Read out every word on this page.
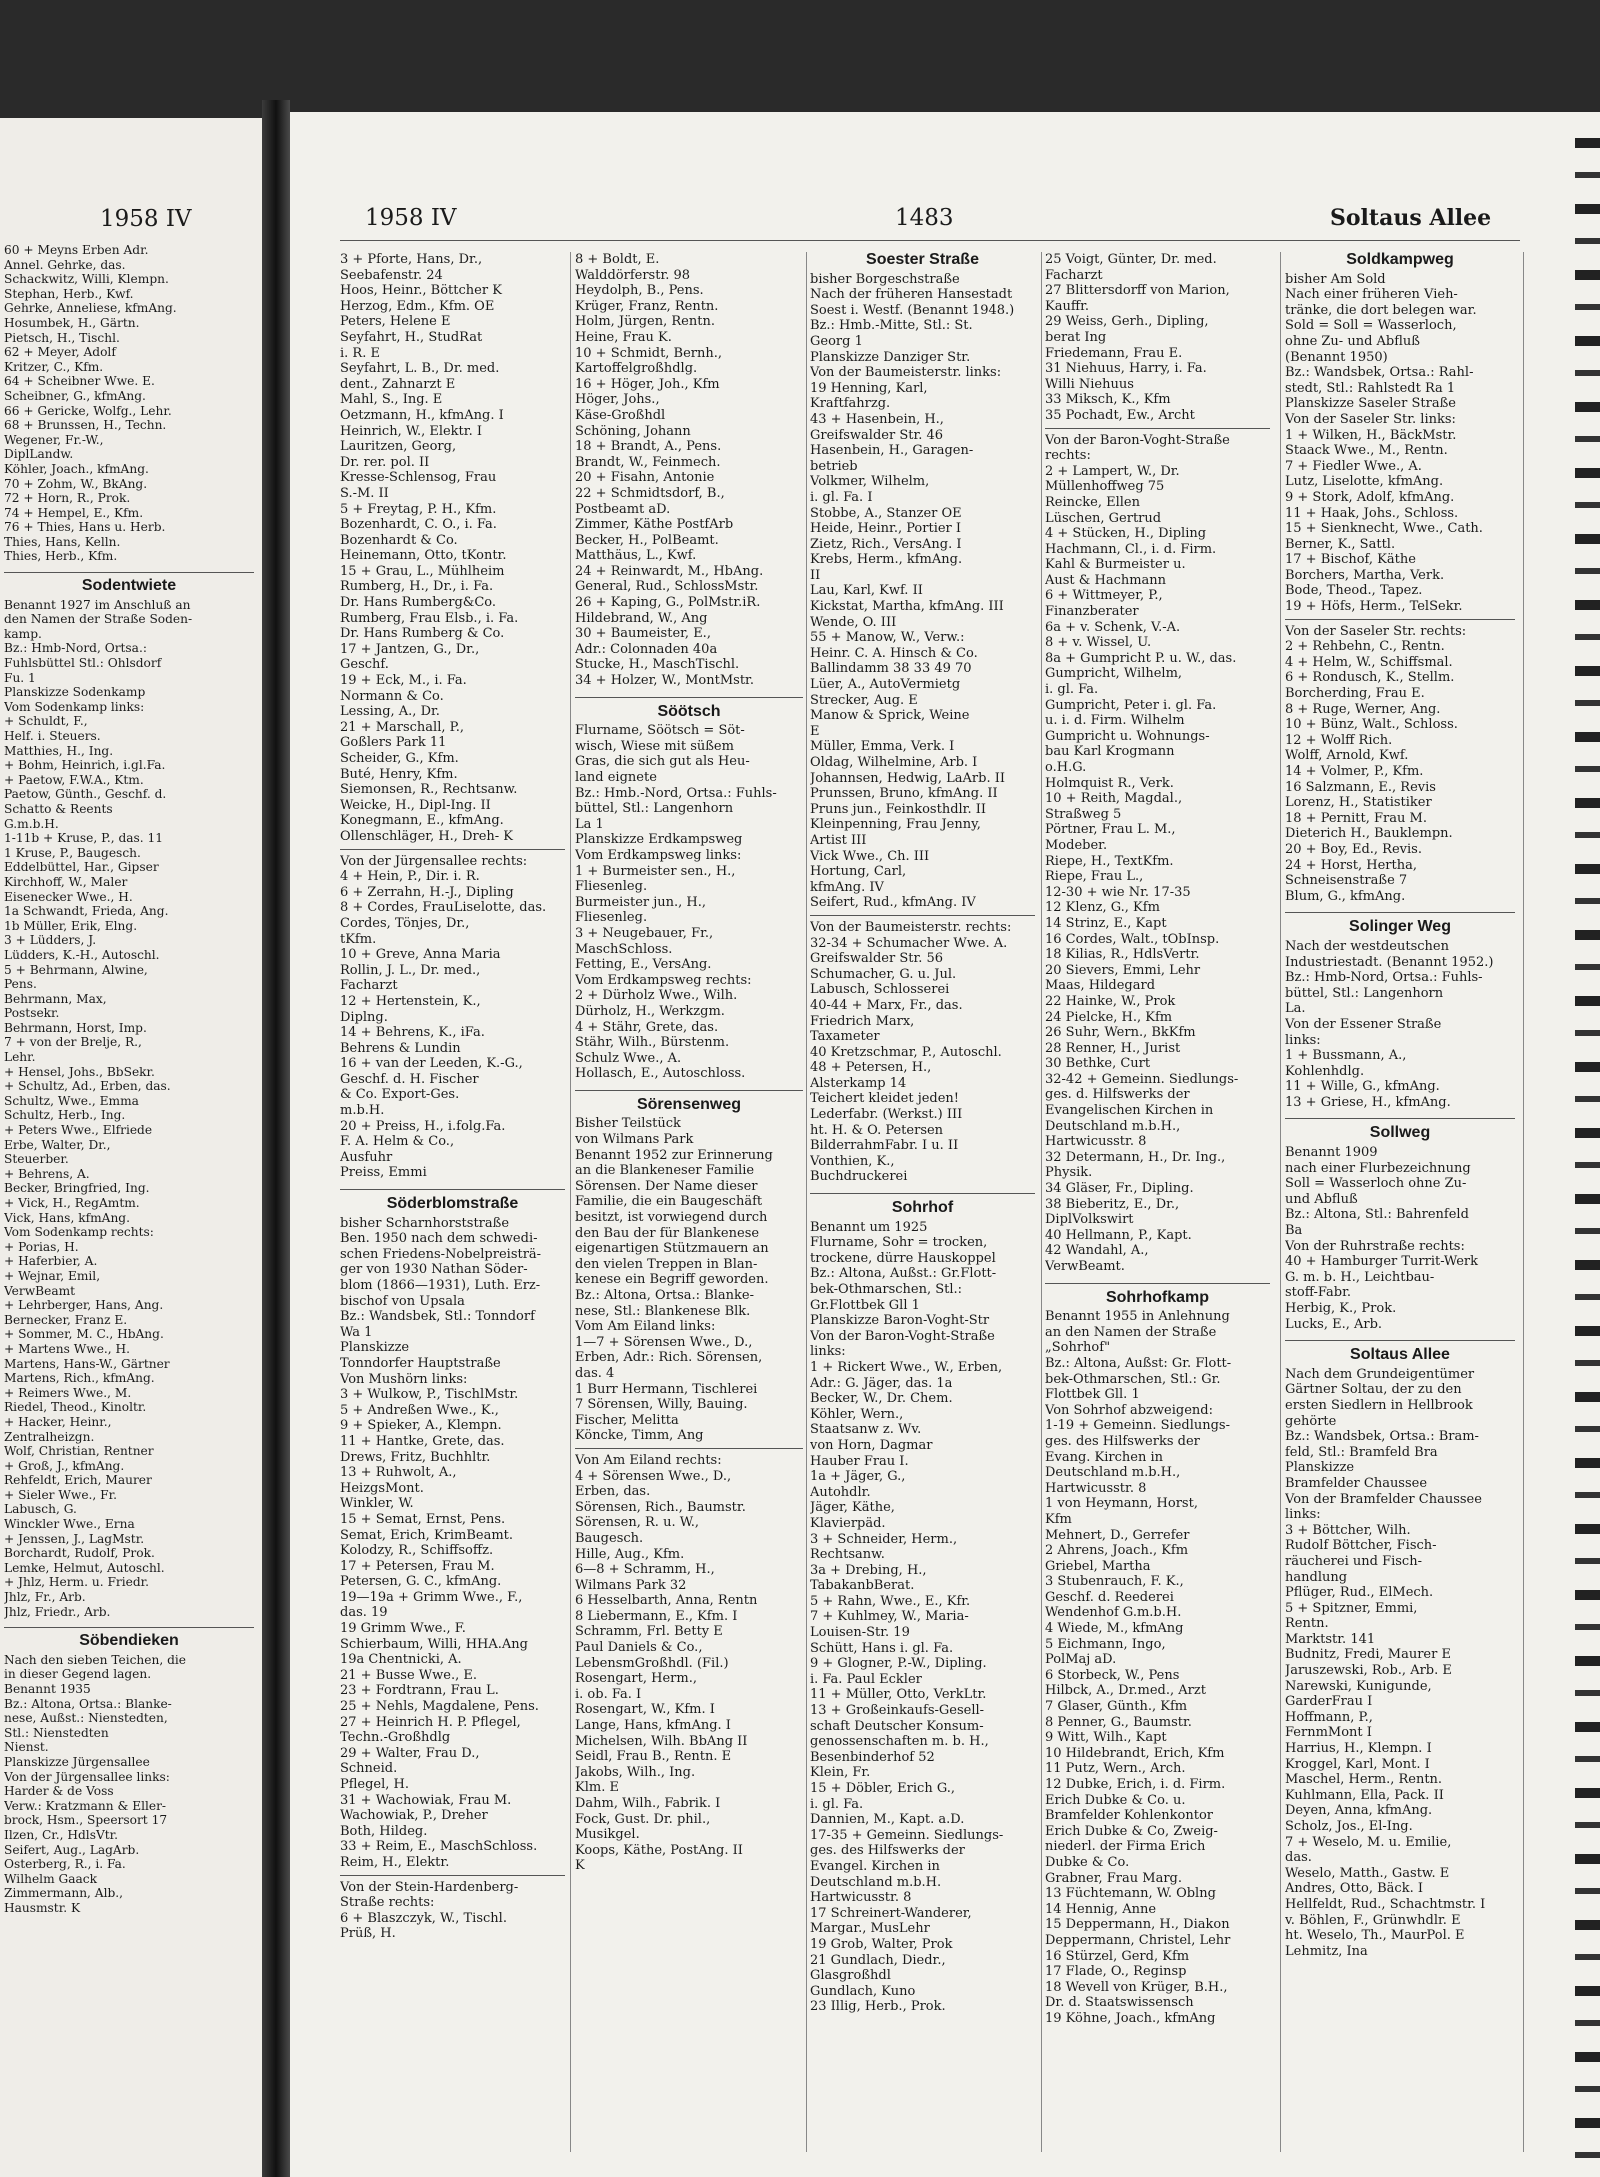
1958 IV
60 + Meyns Erben Adr.
Annel. Gehrke, das.
Schackwitz, Willi, Klempn.
Stephan, Herb., Kwf.
Gehrke, Anneliese, kfmAng.
Hosumbek, H., Gärtn.
Pietsch, H., Tischl.
62 + Meyer, Adolf
Kritzer, C., Kfm.
64 + Scheibner Wwe. E.
Scheibner, G., kfmAng.
66 + Gericke, Wolfg., Lehr.
68 + Brunssen, H., Techn.
Wegener, Fr.-W.,
DiplLandw.
Köhler, Joach., kfmAng.
70 + Zohm, W., BkAng.
72 + Horn, R., Prok.
74 + Hempel, E., Kfm.
76 + Thies, Hans u. Herb.
Thies, Hans, Kelln.
Thies, Herb., Kfm.
Sodentwiete
Benannt 1927 im Anschluß an
den Namen der Straße Soden-
kamp.
Bz.: Hmb-Nord, Ortsa.:
Fuhlsbüttel Stl.: Ohlsdorf
Fu. 1
Planskizze Sodenkamp
Vom Sodenkamp links:
+ Schuldt, F.,
Helf. i. Steuers.
Matthies, H., Ing.
+ Bohm, Heinrich, i.gl.Fa.
+ Paetow, F.W.A., Ktm.
Paetow, Günth., Geschf. d.
Schatto & Reents
G.m.b.H.
1-11b + Kruse, P., das. 11
1 Kruse, P., Baugesch.
Eddelbüttel, Har., Gipser
Kirchhoff, W., Maler
Eisenecker Wwe., H.
1a Schwandt, Frieda, Ang.
1b Müller, Erik, Elng.
3 + Lüdders, J.
Lüdders, K.-H., Autoschl.
5 + Behrmann, Alwine,
Pens.
Behrmann, Max,
Postsekr.
Behrmann, Horst, Imp.
7 + von der Brelje, R.,
Lehr.
+ Hensel, Johs., BbSekr.
+ Schultz, Ad., Erben, das.
Schultz, Wwe., Emma
Schultz, Herb., Ing.
+ Peters Wwe., Elfriede
Erbe, Walter, Dr.,
Steuerber.
+ Behrens, A.
Becker, Bringfried, Ing.
+ Vick, H., RegAmtm.
Vick, Hans, kfmAng.
Vom Sodenkamp rechts:
+ Porias, H.
+ Haferbier, A.
+ Wejnar, Emil,
VerwBeamt
+ Lehrberger, Hans, Ang.
Bernecker, Franz E.
+ Sommer, M. C., HbAng.
+ Martens Wwe., H.
Martens, Hans-W., Gärtner
Martens, Rich., kfmAng.
+ Reimers Wwe., M.
Riedel, Theod., Kinoltr.
+ Hacker, Heinr.,
Zentralheizgn.
Wolf, Christian, Rentner
+ Groß, J., kfmAng.
Rehfeldt, Erich, Maurer
+ Sieler Wwe., Fr.
Labusch, G.
Winckler Wwe., Erna
+ Jenssen, J., LagMstr.
Borchardt, Rudolf, Prok.
Lemke, Helmut, Autoschl.
+ Jhlz, Herm. u. Friedr.
Jhlz, Fr., Arb.
Jhlz, Friedr., Arb.
Söbendieken
Nach den sieben Teichen, die
in dieser Gegend lagen.
Benannt 1935
Bz.: Altona, Ortsa.: Blanke-
nese, Außst.: Nienstedten,
Stl.: Nienstedten
Nienst.
Planskizze Jürgensallee
Von der Jürgensallee links:
Harder & de Voss
Verw.: Kratzmann & Eller-
brock, Hsm., Speersort 17
Ilzen, Cr., HdlsVtr.
Seifert, Aug., LagArb.
Osterberg, R., i. Fa.
Wilhelm Gaack
Zimmermann, Alb.,
Hausmstr. K
1958 IV	1483	Soltaus Allee
3 + Pforte, Hans, Dr.,
Seebafenstr. 24
Hoos, Heinr., Böttcher K
Herzog, Edm., Kfm. OE
Peters, Helene E
Seyfahrt, H., StudRat
i. R. E
Seyfahrt, L. B., Dr. med.
dent., Zahnarzt E
Mahl, S., Ing. E
Oetzmann, H., kfmAng. I
Heinrich, W., Elektr. I
Lauritzen, Georg,
Dr. rer. pol. II
Kresse-Schlensog, Frau
S.-M. II
5 + Freytag, P. H., Kfm.
Bozenhardt, C. O., i. Fa.
Bozenhardt & Co.
Heinemann, Otto, tKontr.
15 + Grau, L., Mühlheim
Rumberg, H., Dr., i. Fa.
Dr. Hans Rumberg&Co.
Rumberg, Frau Elsb., i. Fa.
Dr. Hans Rumberg & Co.
17 + Jantzen, G., Dr.,
Geschf.
19 + Eck, M., i. Fa.
Normann & Co.
Lessing, A., Dr.
21 + Marschall, P.,
Goßlers Park 11
Scheider, G., Kfm.
Buté, Henry, Kfm.
Siemonsen, R., Rechtsanw.
Weicke, H., Dipl-Ing. II
Konegmann, E., kfmAng.
Ollenschläger, H., Dreh- K
Von der Jürgensallee rechts:
4 + Hein, P., Dir. i. R.
6 + Zerrahn, H.-J., Dipling
8 + Cordes, FrauLiselotte, das.
Cordes, Tönjes, Dr.,
tKfm.
10 + Greve, Anna Maria
Rollin, J. L., Dr. med.,
Facharzt
12 + Hertenstein, K.,
Diplng.
14 + Behrens, K., iFa.
Behrens & Lundin
16 + van der Leeden, K.-G.,
Geschf. d. H. Fischer
& Co. Export-Ges.
m.b.H.
20 + Preiss, H., i.folg.Fa.
F. A. Helm & Co.,
Ausfuhr
Preiss, Emmi
Söderblomstraße
bisher Scharnhorststraße
Ben. 1950 nach dem schwedi-
schen Friedens-Nobelpreisträ-
ger von 1930 Nathan Söder-
blom (1866—1931), Luth. Erz-
bischof von Upsala
Bz.: Wandsbek, Stl.: Tonndorf
Wa 1
Planskizze
Tonndorfer Hauptstraße
Von Mushörn links:
3 + Wulkow, P., TischlMstr.
5 + Andreßen Wwe., K.,
9 + Spieker, A., Klempn.
11 + Hantke, Grete, das.
Drews, Fritz, Buchhltr.
13 + Ruhwolt, A.,
HeizgsMont.
Winkler, W.
15 + Semat, Ernst, Pens.
Semat, Erich, KrimBeamt.
Kolodzy, R., Schiffsoffz.
17 + Petersen, Frau M.
Petersen, G. C., kfmAng.
19—19a + Grimm Wwe., F.,
das. 19
19 Grimm Wwe., F.
Schierbaum, Willi, HHA.Ang
19a Chentnicki, A.
21 + Busse Wwe., E.
23 + Fordtrann, Frau L.
25 + Nehls, Magdalene, Pens.
27 + Heinrich H. P. Pflegel,
Techn.-Großhdlg
29 + Walter, Frau D.,
Schneid.
Pflegel, H.
31 + Wachowiak, Frau M.
Wachowiak, P., Dreher
Both, Hildeg.
33 + Reim, E., MaschSchloss.
Reim, H., Elektr.
Von der Stein-Hardenberg-
Straße rechts:
6 + Blaszczyk, W., Tischl.
Prüß, H.
8 + Boldt, E.
Walddörferstr. 98
Heydolph, B., Pens.
Krüger, Franz, Rentn.
Holm, Jürgen, Rentn.
Heine, Frau K.
10 + Schmidt, Bernh.,
Kartoffelgroßhdlg.
16 + Höger, Joh., Kfm
Höger, Johs.,
Käse-Großhdl
Schöning, Johann
18 + Brandt, A., Pens.
Brandt, W., Feinmech.
20 + Fisahn, Antonie
22 + Schmidtsdorf, B.,
Postbeamt aD.
Zimmer, Käthe PostfArb
Becker, H., PolBeamt.
Matthäus, L., Kwf.
24 + Reinwardt, M., HbAng.
General, Rud., SchlossMstr.
26 + Kaping, G., PolMstr.iR.
Hildebrand, W., Ang
30 + Baumeister, E.,
Adr.: Colonnaden 40a
Stucke, H., MaschTischl.
34 + Holzer, W., MontMstr.
Söötsch
Flurname, Söötsch = Söt-
wisch, Wiese mit süßem
Gras, die sich gut als Heu-
land eignete
Bz.: Hmb.-Nord, Ortsa.: Fuhls-
büttel, Stl.: Langenhorn
La 1
Planskizze Erdkampsweg
Vom Erdkampsweg links:
1 + Burmeister sen., H.,
Fliesenleg.
Burmeister jun., H.,
Fliesenleg.
3 + Neugebauer, Fr.,
MaschSchloss.
Fetting, E., VersAng.
Vom Erdkampsweg rechts:
2 + Dürholz Wwe., Wilh.
Dürholz, H., Werkzgm.
4 + Stähr, Grete, das.
Stähr, Wilh., Bürstenm.
Schulz Wwe., A.
Hollasch, E., Autoschloss.
Sörensenweg
Bisher Teilstück
von Wilmans Park
Benannt 1952 zur Erinnerung
an die Blankeneser Familie
Sörensen. Der Name dieser
Familie, die ein Baugeschäft
besitzt, ist vorwiegend durch
den Bau der für Blankenese
eigenartigen Stützmauern an
den vielen Treppen in Blan-
kenese ein Begriff geworden.
Bz.: Altona, Ortsa.: Blanke-
nese, Stl.: Blankenese Blk.
Vom Am Eiland links:
1—7 + Sörensen Wwe., D.,
Erben, Adr.: Rich. Sörensen,
das. 4
1 Burr Hermann, Tischlerei
7 Sörensen, Willy, Bauing.
Fischer, Melitta
Köncke, Timm, Ang
Von Am Eiland rechts:
4 + Sörensen Wwe., D.,
Erben, das.
Sörensen, Rich., Baumstr.
Sörensen, R. u. W.,
Baugesch.
Hille, Aug., Kfm.
6—8 + Schramm, H.,
Wilmans Park 32
6 Hesselbarth, Anna, Rentn
8 Liebermann, E., Kfm. I
Schramm, Frl. Betty E
Paul Daniels & Co.,
LebensmGroßhdl. (Fil.)
Rosengart, Herm.,
i. ob. Fa. I
Rosengart, W., Kfm. I
Lange, Hans, kfmAng. I
Michelsen, Wilh. BbAng II
Seidl, Frau B., Rentn. E
Jakobs, Wilh., Ing.
Klm. E
Dahm, Wilh., Fabrik. I
Fock, Gust. Dr. phil.,
Musikgel.
Koops, Käthe, PostAng. II
K
Soester Straße
bisher Borgeschstraße
Nach der früheren Hansestadt
Soest i. Westf. (Benannt 1948.)
Bz.: Hmb.-Mitte, Stl.: St.
Georg 1
Planskizze Danziger Str.
Von der Baumeisterstr. links:
19 Henning, Karl,
Kraftfahrzg.
43 + Hasenbein, H.,
Greifswalder Str. 46
Hasenbein, H., Garagen-
betrieb
Volkmer, Wilhelm,
i. gl. Fa. I
Stobbe, A., Stanzer OE
Heide, Heinr., Portier I
Zietz, Rich., VersAng. I
Krebs, Herm., kfmAng.
II
Lau, Karl, Kwf. II
Kickstat, Martha, kfmAng. III
Wende, O. III
55 + Manow, W., Verw.:
Heinr. C. A. Hinsch & Co.
Ballindamm 38 33 49 70
Lüer, A., AutoVermietg
Strecker, Aug. E
Manow & Sprick, Weine
E
Müller, Emma, Verk. I
Oldag, Wilhelmine, Arb. I
Johannsen, Hedwig, LaArb. II
Prunssen, Bruno, kfmAng. II
Pruns jun., Feinkosthdlr. II
Kleinpenning, Frau Jenny,
Artist III
Vick Wwe., Ch. III
Hortung, Carl,
kfmAng. IV
Seifert, Rud., kfmAng. IV
Von der Baumeisterstr. rechts:
32-34 + Schumacher Wwe. A.
Greifswalder Str. 56
Schumacher, G. u. Jul.
Labusch, Schlosserei
40-44 + Marx, Fr., das.
Friedrich Marx,
Taxameter
40 Kretzschmar, P., Autoschl.
48 + Petersen, H.,
Alsterkamp 14
Teichert kleidet jeden!
Lederfabr. (Werkst.) III
ht. H. & O. Petersen
BilderrahmFabr. I u. II
Vonthien, K.,
Buchdruckerei
Sohrhof
Benannt um 1925
Flurname, Sohr = trocken,
trockene, dürre Hauskoppel
Bz.: Altona, Außst.: Gr.Flott-
bek-Othmarschen, Stl.:
Gr.Flottbek Gll 1
Planskizze Baron-Voght-Str
Von der Baron-Voght-Straße
links:
1 + Rickert Wwe., W., Erben,
Adr.: G. Jäger, das. 1a
Becker, W., Dr. Chem.
Köhler, Wern.,
Staatsanw z. Wv.
von Horn, Dagmar
Hauber Frau I.
1a + Jäger, G.,
Autohdlr.
Jäger, Käthe,
Klavierpäd.
3 + Schneider, Herm.,
Rechtsanw.
3a + Drebing, H.,
TabakanbBerat.
5 + Rahn, Wwe., E., Kfr.
7 + Kuhlmey, W., Maria-
Louisen-Str. 19
Schütt, Hans i. gl. Fa.
9 + Glogner, P.-W., Dipling.
i. Fa. Paul Eckler
11 + Müller, Otto, VerkLtr.
13 + Großeinkaufs-Gesell-
schaft Deutscher Konsum-
genossenschaften m. b. H.,
Besenbinderhof 52
Klein, Fr.
15 + Döbler, Erich G.,
i. gl. Fa.
Dannien, M., Kapt. a.D.
17-35 + Gemeinn. Siedlungs-
ges. des Hilfswerks der
Evangel. Kirchen in
Deutschland m.b.H.
Hartwicusstr. 8
17 Schreinert-Wanderer,
Margar., MusLehr
19 Grob, Walter, Prok
21 Gundlach, Diedr.,
Glasgroßhdl
Gundlach, Kuno
23 Illig, Herb., Prok.
25 Voigt, Günter, Dr. med.
Facharzt
27 Blittersdorff von Marion,
Kauffr.
29 Weiss, Gerh., Dipling,
berat Ing
Friedemann, Frau E.
31 Niehuus, Harry, i. Fa.
Willi Niehuus
33 Miksch, K., Kfm
35 Pochadt, Ew., Archt
Von der Baron-Voght-Straße
rechts:
2 + Lampert, W., Dr.
Müllenhoffweg 75
Reincke, Ellen
Lüschen, Gertrud
4 + Stücken, H., Dipling
Hachmann, Cl., i. d. Firm.
Kahl & Burmeister u.
Aust & Hachmann
6 + Wittmeyer, P.,
Finanzberater
6a + v. Schenk, V.-A.
8 + v. Wissel, U.
8a + Gumpricht P. u. W., das.
Gumpricht, Wilhelm,
i. gl. Fa.
Gumpricht, Peter i. gl. Fa.
u. i. d. Firm. Wilhelm
Gumpricht u. Wohnungs-
bau Karl Krogmann
o.H.G.
Holmquist R., Verk.
10 + Reith, Magdal.,
Straßweg 5
Pörtner, Frau L. M.,
Modeber.
Riepe, H., TextKfm.
Riepe, Frau L.,
12-30 + wie Nr. 17-35
12 Klenz, G., Kfm
14 Strinz, E., Kapt
16 Cordes, Walt., tObInsp.
18 Kilias, R., HdlsVertr.
20 Sievers, Emmi, Lehr
Maas, Hildegard
22 Hainke, W., Prok
24 Pielcke, H., Kfm
26 Suhr, Wern., BkKfm
28 Renner, H., Jurist
30 Bethke, Curt
32-42 + Gemeinn. Siedlungs-
ges. d. Hilfswerks der
Evangelischen Kirchen in
Deutschland m.b.H.,
Hartwicusstr. 8
32 Determann, H., Dr. Ing.,
Physik.
34 Gläser, Fr., Dipling.
38 Bieberitz, E., Dr.,
DiplVolkswirt
40 Hellmann, P., Kapt.
42 Wandahl, A.,
VerwBeamt.
Sohrhofkamp
Benannt 1955 in Anlehnung
an den Namen der Straße
„Sohrhof"
Bz.: Altona, Außst: Gr. Flott-
bek-Othmarschen, Stl.: Gr.
Flottbek Gll. 1
Von Sohrhof abzweigend:
1-19 + Gemeinn. Siedlungs-
ges. des Hilfswerks der
Evang. Kirchen in
Deutschland m.b.H.,
Hartwicusstr. 8
1 von Heymann, Horst,
Kfm
Mehnert, D., Gerrefer
2 Ahrens, Joach., Kfm
Griebel, Martha
3 Stubenrauch, F. K.,
Geschf. d. Reederei
Wendenhof G.m.b.H.
4 Wiede, M., kfmAng
5 Eichmann, Ingo,
PolMaj aD.
6 Storbeck, W., Pens
Hilbck, A., Dr.med., Arzt
7 Glaser, Günth., Kfm
8 Penner, G., Baumstr.
9 Witt, Wilh., Kapt
10 Hildebrandt, Erich, Kfm
11 Putz, Wern., Arch.
12 Dubke, Erich, i. d. Firm.
Erich Dubke & Co. u.
Bramfelder Kohlenkontor
Erich Dubke & Co, Zweig-
niederl. der Firma Erich
Dubke & Co.
Grabner, Frau Marg.
13 Füchtemann, W. Oblng
14 Hennig, Anne
15 Deppermann, H., Diakon
Deppermann, Christel, Lehr
16 Stürzel, Gerd, Kfm
17 Flade, O., Reginsp
18 Wevell von Krüger, B.H.,
Dr. d. Staatswissensch
19 Köhne, Joach., kfmAng
Soldkampweg
bisher Am Sold
Nach einer früheren Vieh-
tränke, die dort belegen war.
Sold = Soll = Wasserloch,
ohne Zu- und Abfluß
(Benannt 1950)
Bz.: Wandsbek, Ortsa.: Rahl-
stedt, Stl.: Rahlstedt Ra 1
Planskizze Saseler Straße
Von der Saseler Str. links:
1 + Wilken, H., BäckMstr.
Staack Wwe., M., Rentn.
7 + Fiedler Wwe., A.
Lutz, Liselotte, kfmAng.
9 + Stork, Adolf, kfmAng.
11 + Haak, Johs., Schloss.
15 + Sienknecht, Wwe., Cath.
Berner, K., Sattl.
17 + Bischof, Käthe
Borchers, Martha, Verk.
Bode, Theod., Tapez.
19 + Höfs, Herm., TelSekr.
Von der Saseler Str. rechts:
2 + Rehbehn, C., Rentn.
4 + Helm, W., Schiffsmal.
6 + Rondusch, K., Stellm.
Borcherding, Frau E.
8 + Ruge, Werner, Ang.
10 + Bünz, Walt., Schloss.
12 + Wolff Rich.
Wolff, Arnold, Kwf.
14 + Volmer, P., Kfm.
16 Salzmann, E., Revis
Lorenz, H., Statistiker
18 + Pernitt, Frau M.
Dieterich H., Bauklempn.
20 + Boy, Ed., Revis.
24 + Horst, Hertha,
Schneisenstraße 7
Blum, G., kfmAng.
Solinger Weg
Nach der westdeutschen
Industriestadt. (Benannt 1952.)
Bz.: Hmb-Nord, Ortsa.: Fuhls-
büttel, Stl.: Langenhorn
La.
Von der Essener Straße
links:
1 + Bussmann, A.,
Kohlenhdlg.
11 + Wille, G., kfmAng.
13 + Griese, H., kfmAng.
Sollweg
Benannt 1909
nach einer Flurbezeichnung
Soll = Wasserloch ohne Zu-
und Abfluß
Bz.: Altona, Stl.: Bahrenfeld
Ba
Von der Ruhrstraße rechts:
40 + Hamburger Turrit-Werk
G. m. b. H., Leichtbau-
stoff-Fabr.
Herbig, K., Prok.
Lucks, E., Arb.
Soltaus Allee
Nach dem Grundeigentümer
Gärtner Soltau, der zu den
ersten Siedlern in Hellbrook
gehörte
Bz.: Wandsbek, Ortsa.: Bram-
feld, Stl.: Bramfeld Bra
Planskizze
Bramfelder Chaussee
Von der Bramfelder Chaussee
links:
3 + Böttcher, Wilh.
Rudolf Böttcher, Fisch-
räucherei und Fisch-
handlung
Pflüger, Rud., ElMech.
5 + Spitzner, Emmi,
Rentn.
Marktstr. 141
Budnitz, Fredi, Maurer E
Jaruszewski, Rob., Arb. E
Narewski, Kunigunde,
GarderFrau I
Hoffmann, P.,
FernmMont I
Harrius, H., Klempn. I
Kroggel, Karl, Mont. I
Maschel, Herm., Rentn.
Kuhlmann, Ella, Pack. II
Deyen, Anna, kfmAng.
Scholz, Jos., El-Ing.
7 + Weselo, M. u. Emilie,
das.
Weselo, Matth., Gastw. E
Andres, Otto, Bäck. I
Hellfeldt, Rud., Schachtmstr. I
v. Böhlen, F., Grünwhdlr. E
ht. Weselo, Th., MaurPol. E
Lehmitz, Ina
